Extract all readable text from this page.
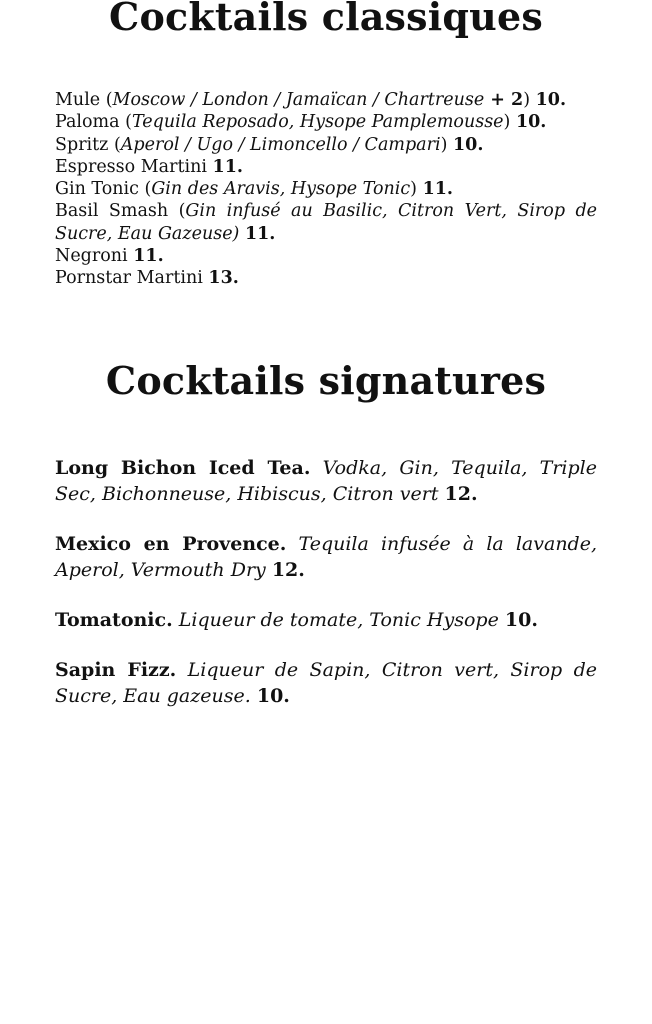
Cocktails classiques

Mule (Moscow / London / Jamaïcan / Chartreuse + 2) 10.

Paloma (Tequila Reposado, Hysope Pamplemousse) 10.

Spritz (Aperol / Ugo / Limoncello / Campari) 10.

Espresso Martini 11.

Gin Tonic (Gin des Aravis, Hysope Tonic) 11.

Basil Smash (Gin infusé au Basilic, Citron Vert, Sirop de Sucre, Eau Gazeuse) 11.

Negroni 11.

Pornstar Martini 13.

Cocktails signatures

Long Bichon Iced Tea. Vodka, Gin, Tequila, Triple Sec, Bichonneuse, Hibiscus, Citron vert 12.

Mexico en Provence. Tequila infusée à la lavande, Aperol, Vermouth Dry 12.

Tomatonic. Liqueur de tomate, Tonic Hysope 10.

Sapin Fizz. Liqueur de Sapin, Citron vert, Sirop de Sucre, Eau gazeuse. 10.
